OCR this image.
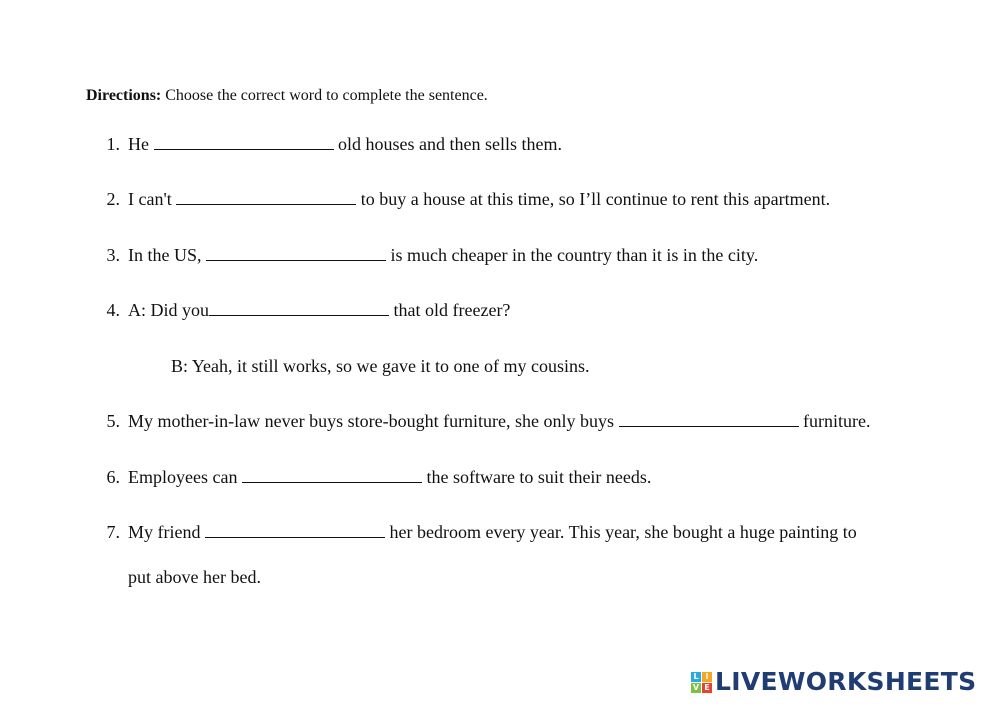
Directions: Choose the correct word to complete the sentence.
1. He	old houses and then sells them.
2. I can't	to buy a house at this time, so I’ll continue to rent this apartment.
3. In the US,	is much cheaper in the country than it is in the city.
4. A: Did you	that old freezer?
B: Yeah, it still works, so we gave it to one of my cousins.
5. My mother-in-law never buys store-bought furniture, she only buys	furniture.
6. Employees can	the software to suit their needs.
7. My friend	her bedroom every year. This year, she bought a huge painting to
put above her bed.
L I
V E LIVEWORKSHEETS
